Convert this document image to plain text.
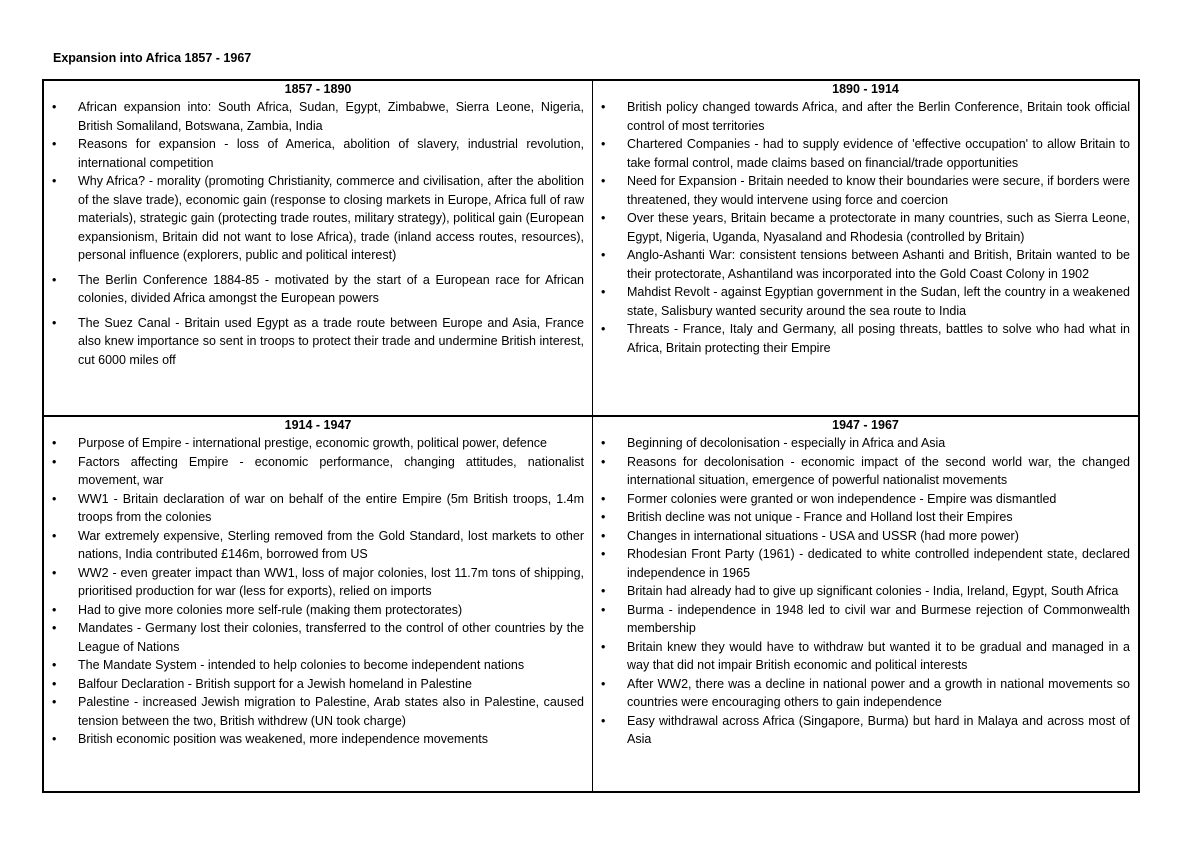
Expansion into Africa 1857 - 1967
1857 - 1890
• African expansion into: South Africa, Sudan, Egypt, Zimbabwe, Sierra Leone, Nigeria, British Somaliland, Botswana, Zambia, India
• Reasons for expansion - loss of America, abolition of slavery, industrial revolution, international competition
• Why Africa? - morality (promoting Christianity, commerce and civilisation, after the abolition of the slave trade), economic gain (response to closing markets in Europe, Africa full of raw materials), strategic gain (protecting trade routes, military strategy), political gain (European expansionism, Britain did not want to lose Africa), trade (inland access routes, resources), personal influence (explorers, public and political interest)
• The Berlin Conference 1884-85 - motivated by the start of a European race for African colonies, divided Africa amongst the European powers
• The Suez Canal - Britain used Egypt as a trade route between Europe and Asia, France also knew importance so sent in troops to protect their trade and undermine British interest, cut 6000 miles off
1890 - 1914
• British policy changed towards Africa, and after the Berlin Conference, Britain took official control of most territories
• Chartered Companies - had to supply evidence of 'effective occupation' to allow Britain to take formal control, made claims based on financial/trade opportunities
• Need for Expansion - Britain needed to know their boundaries were secure, if borders were threatened, they would intervene using force and coercion
• Over these years, Britain became a protectorate in many countries, such as Sierra Leone, Egypt, Nigeria, Uganda, Nyasaland and Rhodesia (controlled by Britain)
• Anglo-Ashanti War: consistent tensions between Ashanti and British, Britain wanted to be their protectorate, Ashantiland was incorporated into the Gold Coast Colony in 1902
• Mahdist Revolt - against Egyptian government in the Sudan, left the country in a weakened state, Salisbury wanted security around the sea route to India
• Threats - France, Italy and Germany, all posing threats, battles to solve who had what in Africa, Britain protecting their Empire
1914 - 1947
• Purpose of Empire - international prestige, economic growth, political power, defence
• Factors affecting Empire - economic performance, changing attitudes, nationalist movement, war
• WW1 - Britain declaration of war on behalf of the entire Empire (5m British troops, 1.4m troops from the colonies
• War extremely expensive, Sterling removed from the Gold Standard, lost markets to other nations, India contributed £146m, borrowed from US
• WW2 - even greater impact than WW1, loss of major colonies, lost 11.7m tons of shipping, prioritised production for war (less for exports), relied on imports
• Had to give more colonies more self-rule (making them protectorates)
• Mandates - Germany lost their colonies, transferred to the control of other countries by the League of Nations
• The Mandate System - intended to help colonies to become independent nations
• Balfour Declaration - British support for a Jewish homeland in Palestine
• Palestine - increased Jewish migration to Palestine, Arab states also in Palestine, caused tension between the two, British withdrew (UN took charge)
• British economic position was weakened, more independence movements
1947 - 1967
• Beginning of decolonisation - especially in Africa and Asia
• Reasons for decolonisation - economic impact of the second world war, the changed international situation, emergence of powerful nationalist movements
• Former colonies were granted or won independence - Empire was dismantled
• British decline was not unique - France and Holland lost their Empires
• Changes in international situations - USA and USSR (had more power)
• Rhodesian Front Party (1961) - dedicated to white controlled independent state, declared independence in 1965
• Britain had already had to give up significant colonies - India, Ireland, Egypt, South Africa
• Burma - independence in 1948 led to civil war and Burmese rejection of Commonwealth membership
• Britain knew they would have to withdraw but wanted it to be gradual and managed in a way that did not impair British economic and political interests
• After WW2, there was a decline in national power and a growth in national movements so countries were encouraging others to gain independence
• Easy withdrawal across Africa (Singapore, Burma) but hard in Malaya and across most of Asia
